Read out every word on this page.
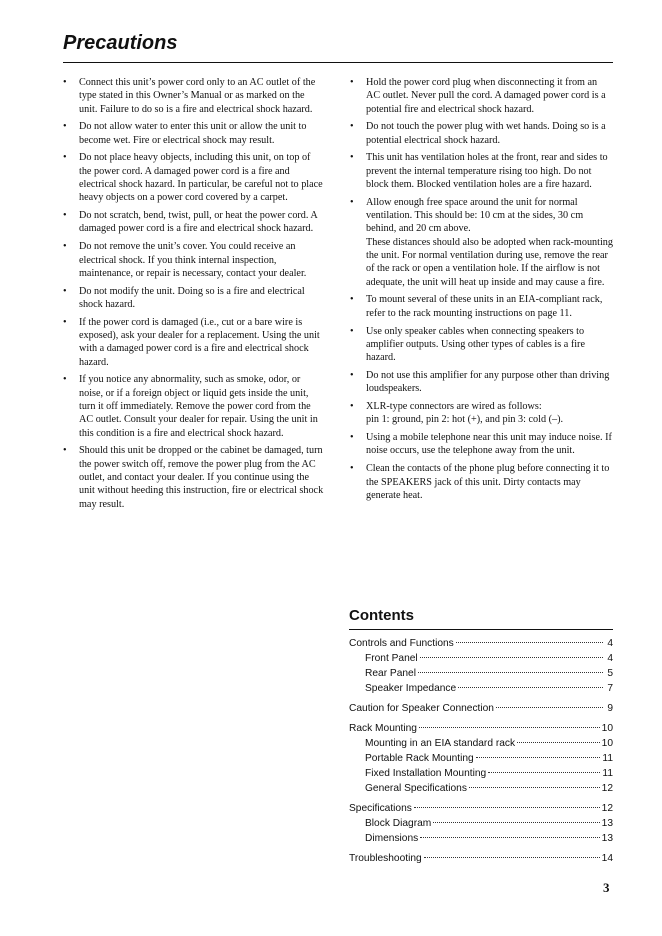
Precautions
• Connect this unit’s power cord only to an AC outlet of the type stated in this Owner’s Manual or as marked on the unit. Failure to do so is a fire and electrical shock hazard.
• Do not allow water to enter this unit or allow the unit to become wet. Fire or electrical shock may result.
• Do not place heavy objects, including this unit, on top of the power cord. A damaged power cord is a fire and electrical shock hazard. In particular, be careful not to place heavy objects on a power cord covered by a carpet.
• Do not scratch, bend, twist, pull, or heat the power cord. A damaged power cord is a fire and electrical shock hazard.
• Do not remove the unit’s cover. You could receive an electrical shock. If you think internal inspection, maintenance, or repair is necessary, contact your dealer.
• Do not modify the unit. Doing so is a fire and electrical shock hazard.
• If the power cord is damaged (i.e., cut or a bare wire is exposed), ask your dealer for a replacement. Using the unit with a damaged power cord is a fire and electrical shock hazard.
• If you notice any abnormality, such as smoke, odor, or noise, or if a foreign object or liquid gets inside the unit, turn it off immediately. Remove the power cord from the AC outlet. Consult your dealer for repair. Using the unit in this condition is a fire and electrical shock hazard.
• Should this unit be dropped or the cabinet be damaged, turn the power switch off, remove the power plug from the AC outlet, and contact your dealer. If you continue using the unit without heeding this instruction, fire or electrical shock may result.
• Hold the power cord plug when disconnecting it from an AC outlet. Never pull the cord. A damaged power cord is a potential fire and electrical shock hazard.
• Do not touch the power plug with wet hands. Doing so is a potential electrical shock hazard.
• This unit has ventilation holes at the front, rear and sides to prevent the internal temperature rising too high. Do not block them. Blocked ventilation holes are a fire hazard.
• Allow enough free space around the unit for normal ventilation. This should be: 10 cm at the sides, 30 cm behind, and 20 cm above.
These distances should also be adopted when rack-mounting the unit. For normal ventilation during use, remove the rear of the rack or open a ventilation hole. If the airflow is not adequate, the unit will heat up inside and may cause a fire.
• To mount several of these units in an EIA-compliant rack, refer to the rack mounting instructions on page 11.
• Use only speaker cables when connecting speakers to amplifier outputs. Using other types of cables is a fire hazard.
• Do not use this amplifier for any purpose other than driving loudspeakers.
• XLR-type connectors are wired as follows:
pin 1: ground, pin 2: hot (+), and pin 3: cold (–).
• Using a mobile telephone near this unit may induce noise. If noise occurs, use the telephone away from the unit.
• Clean the contacts of the phone plug before connecting it to the SPEAKERS jack of this unit. Dirty contacts may generate heat.
Contents
Controls and Functions	4
Front Panel	4
Rear Panel	5
Speaker Impedance	7
Caution for Speaker Connection	9
Rack Mounting	10
Mounting in an EIA standard rack	10
Portable Rack Mounting	11
Fixed Installation Mounting	11
General Specifications	12
Specifications	12
Block Diagram	13
Dimensions	13
Troubleshooting	14
3
